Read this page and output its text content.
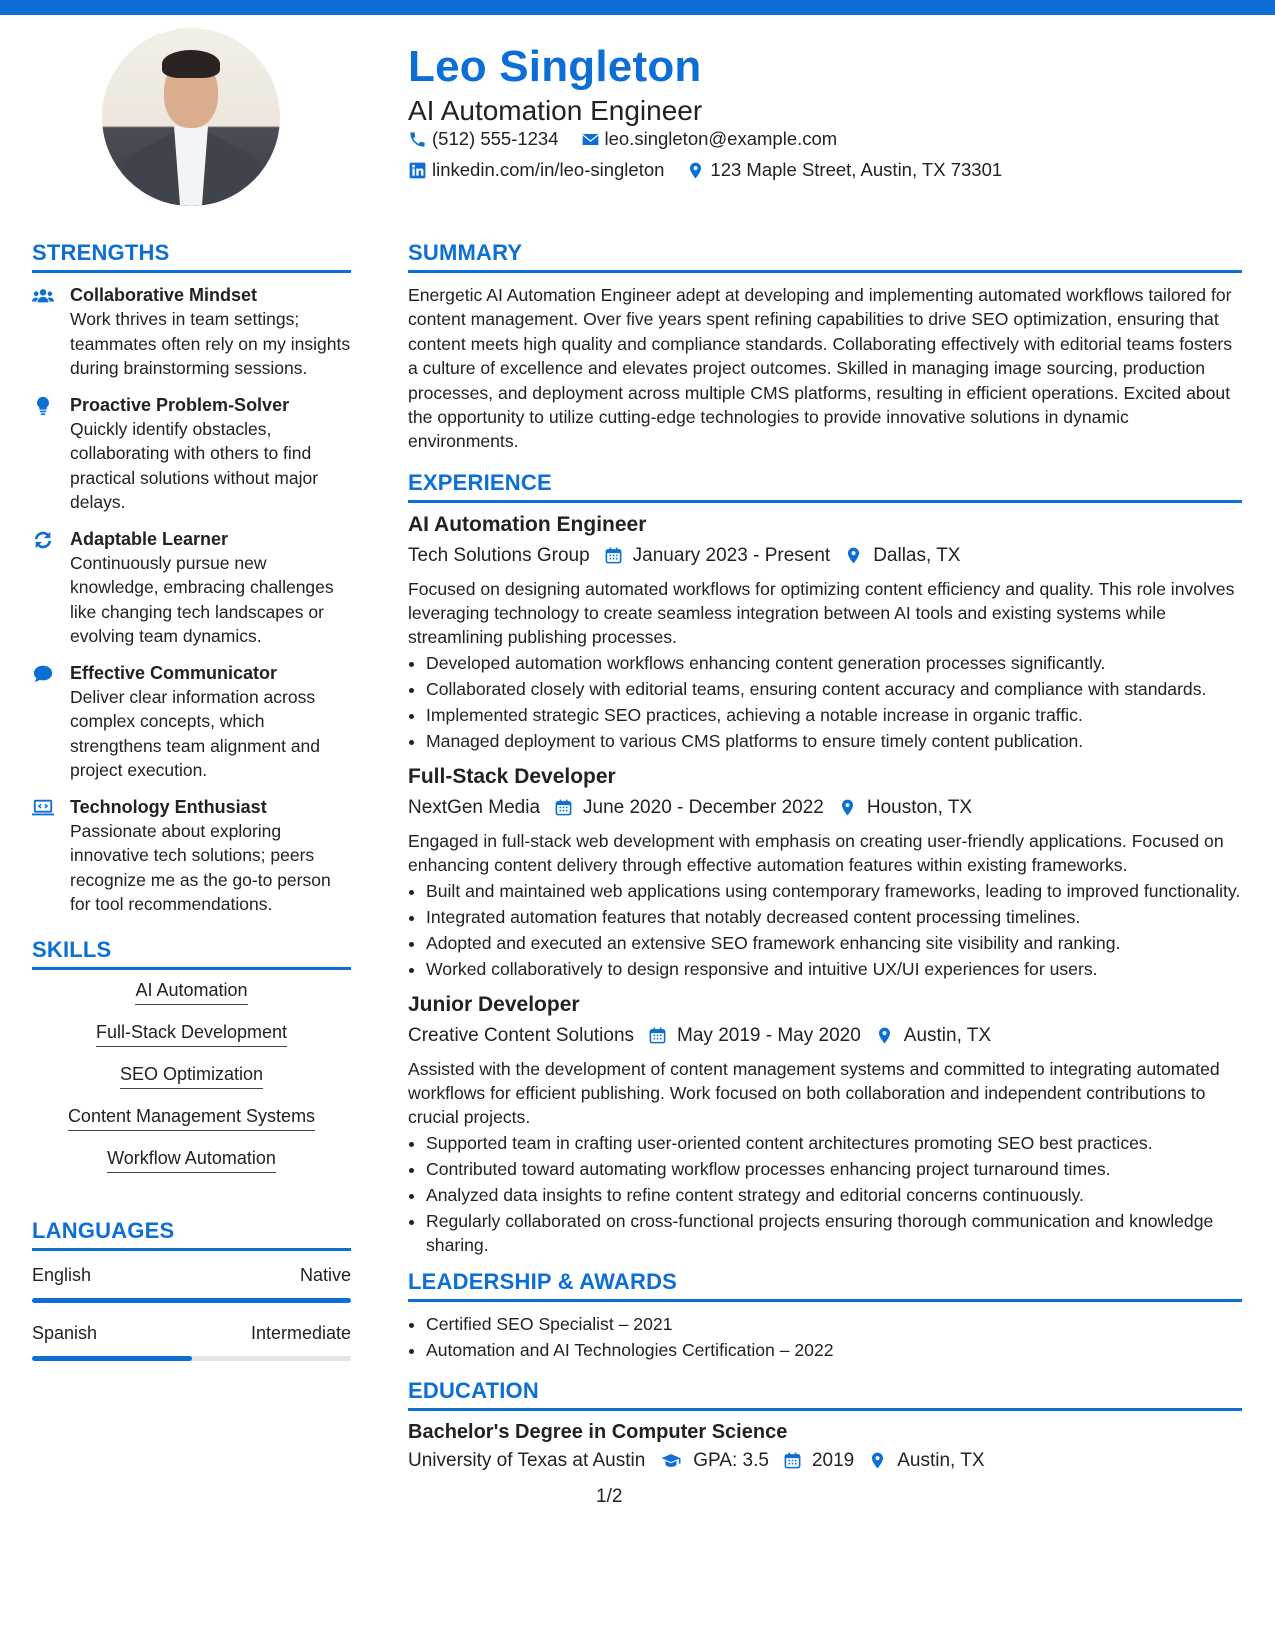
Leo Singleton
AI Automation Engineer
(512) 555-1234 leo.singleton@example.com
linkedin.com/in/leo-singleton 123 Maple Street, Austin, TX 73301
STRENGTHS
Collaborative Mindset
Work thrives in team settings; teammates often rely on my insights during brainstorming sessions.
Proactive Problem-Solver
Quickly identify obstacles, collaborating with others to find practical solutions without major delays.
Adaptable Learner
Continuously pursue new knowledge, embracing challenges like changing tech landscapes or evolving team dynamics.
Effective Communicator
Deliver clear information across complex concepts, which strengthens team alignment and project execution.
Technology Enthusiast
Passionate about exploring innovative tech solutions; peers recognize me as the go-to person for tool recommendations.
SKILLS
AI Automation
Full-Stack Development
SEO Optimization
Content Management Systems
Workflow Automation
LANGUAGES
English	Native
Spanish	Intermediate
SUMMARY

Energetic AI Automation Engineer adept at developing and implementing automated workflows tailored for content management. Over five years spent refining capabilities to drive SEO optimization, ensuring that content meets high quality and compliance standards. Collaborating effectively with editorial teams fosters a culture of excellence and elevates project outcomes. Skilled in managing image sourcing, production processes, and deployment across multiple CMS platforms, resulting in efficient operations. Excited about the opportunity to utilize cutting-edge technologies to provide innovative solutions in dynamic environments.

EXPERIENCE
AI Automation Engineer
Tech Solutions Group January 2023 - Present Dallas, TX
Focused on designing automated workflows for optimizing content efficiency and quality. This role involves leveraging technology to create seamless integration between AI tools and existing systems while streamlining publishing processes.
• Developed automation workflows enhancing content generation processes significantly.
• Collaborated closely with editorial teams, ensuring content accuracy and compliance with standards.
• Implemented strategic SEO practices, achieving a notable increase in organic traffic.
• Managed deployment to various CMS platforms to ensure timely content publication.
Full-Stack Developer
NextGen Media June 2020 - December 2022 Houston, TX
Engaged in full-stack web development with emphasis on creating user-friendly applications. Focused on enhancing content delivery through effective automation features within existing frameworks.
• Built and maintained web applications using contemporary frameworks, leading to improved functionality.
• Integrated automation features that notably decreased content processing timelines.
• Adopted and executed an extensive SEO framework enhancing site visibility and ranking.
• Worked collaboratively to design responsive and intuitive UX/UI experiences for users.
Junior Developer
Creative Content Solutions May 2019 - May 2020 Austin, TX
Assisted with the development of content management systems and committed to integrating automated workflows for efficient publishing. Work focused on both collaboration and independent contributions to crucial projects.
• Supported team in crafting user-oriented content architectures promoting SEO best practices.
• Contributed toward automating workflow processes enhancing project turnaround times.
• Analyzed data insights to refine content strategy and editorial concerns continuously.
• Regularly collaborated on cross-functional projects ensuring thorough communication and knowledge sharing.
LEADERSHIP & AWARDS
• Certified SEO Specialist – 2021
• Automation and AI Technologies Certification – 2022
EDUCATION
Bachelor's Degree in Computer Science
University of Texas at Austin	GPA: 3.5 2019 Austin, TX
1/2
